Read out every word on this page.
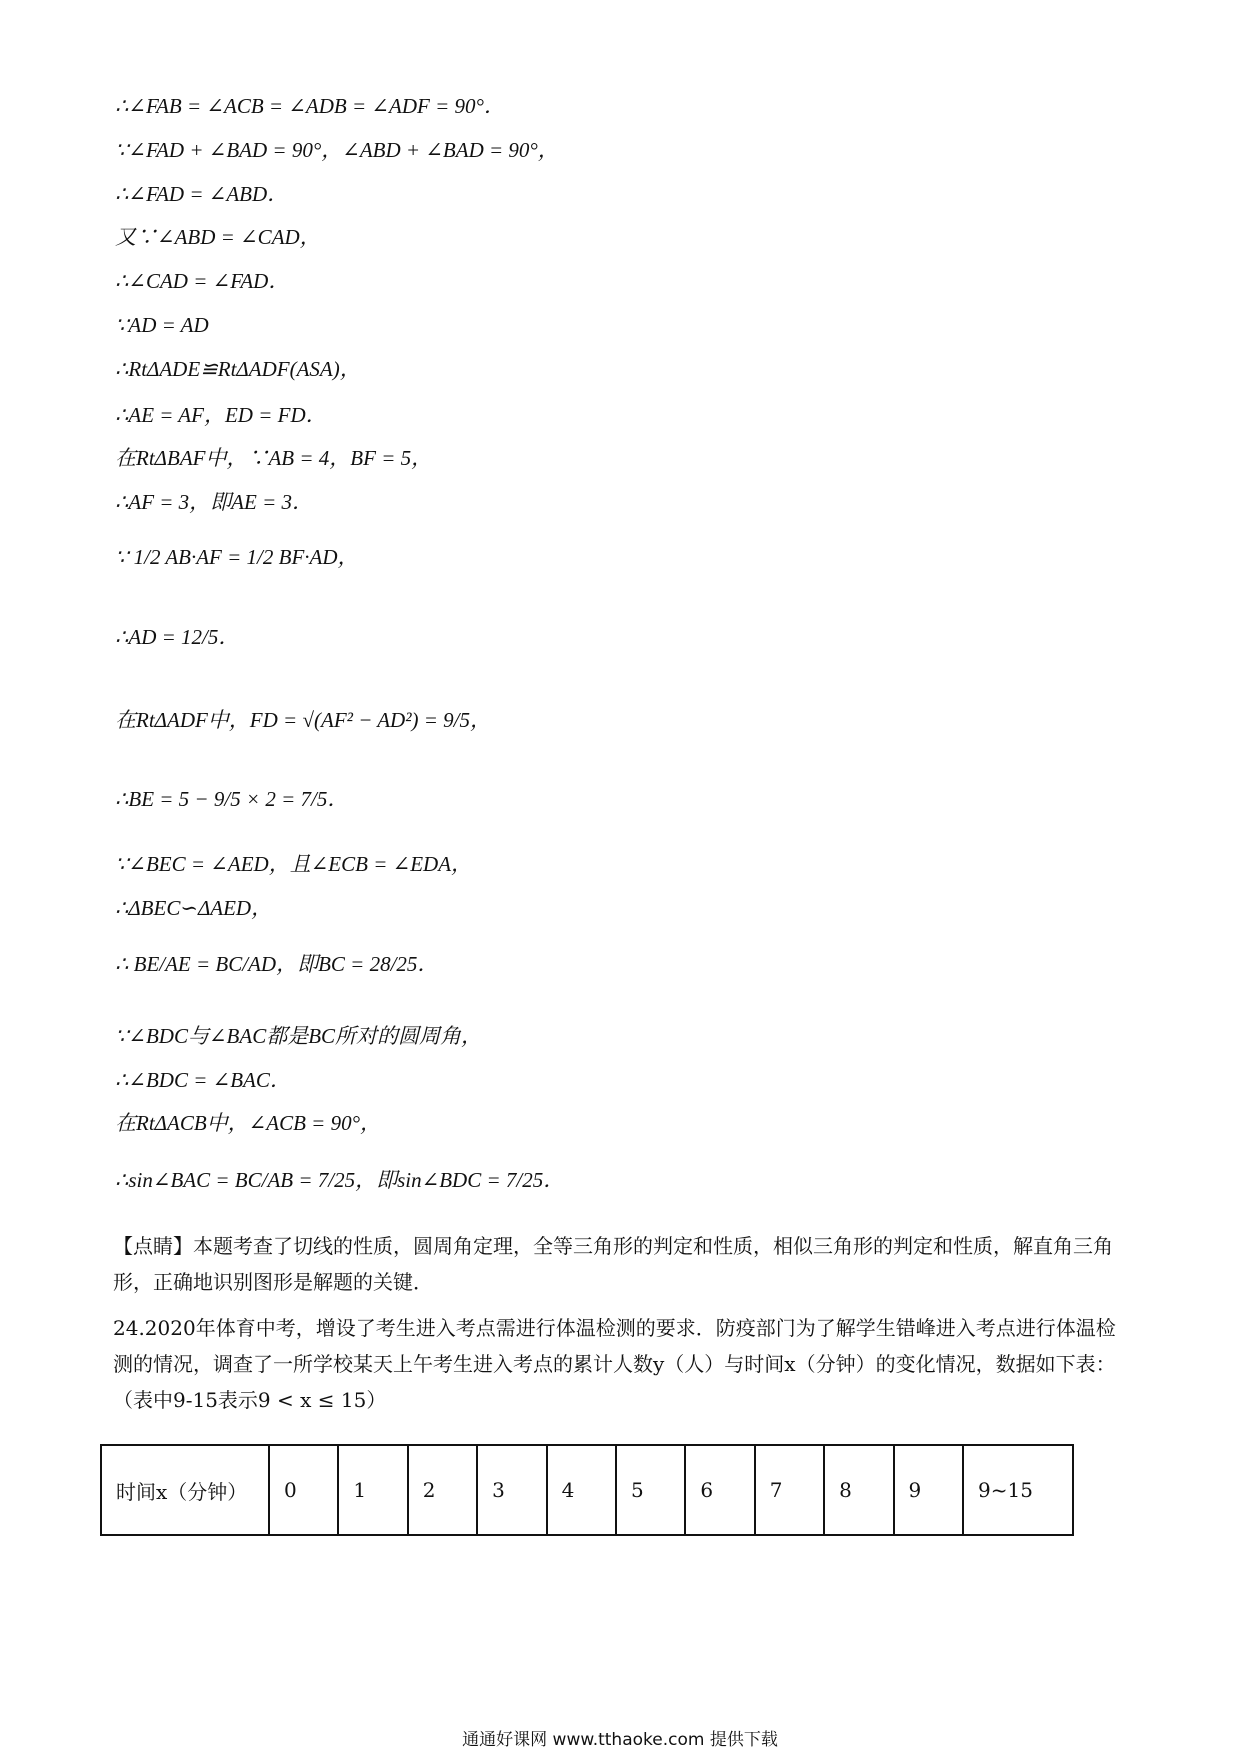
∴∠FAB = ∠ACB = ∠ADB = ∠ADF = 90°．
∵∠FAD + ∠BAD = 90°，∠ABD + ∠BAD = 90°，
∴∠FAD = ∠ABD．
又∵∠ABD = ∠CAD，
∴∠CAD = ∠FAD．
∵AD = AD
∴RtΔADE≌RtΔADF(ASA)，
∴AE = AF，ED = FD．
在RtΔBAF中，∵AB = 4，BF = 5，
∴AF = 3，即AE = 3．
∵ 1/2 AB·AF = 1/2 BF·AD，
∴AD = 12/5．
在RtΔADF中，FD = √(AF² − AD²) = 9/5，
∴BE = 5 − 9/5 × 2 = 7/5．
∵∠BEC = ∠AED，且∠ECB = ∠EDA，
∴ΔBEC∽ΔAED，
∴ BE/AE = BC/AD，即BC = 28/25．
∵∠BDC与∠BAC都是BC所对的圆周角，
∴∠BDC = ∠BAC．
在RtΔACB中，∠ACB = 90°，
∴sin∠BAC = BC/AB = 7/25，即sin∠BDC = 7/25．
【点睛】本题考查了切线的性质，圆周角定理，全等三角形的判定和性质，相似三角形的判定和性质，解直角三角形，正确地识别图形是解题的关键．
24.2020年体育中考，增设了考生进入考点需进行体温检测的要求．防疫部门为了解学生错峰进入考点进行体温检测的情况，调查了一所学校某天上午考生进入考点的累计人数y（人）与时间x（分钟）的变化情况，数据如下表：（表中9-15表示9 < x ≤ 15）
时间x（分钟）	0	1	2	3	4	5	6	7	8	9	9~15
通通好课网 www.tthaoke.com 提供下载
